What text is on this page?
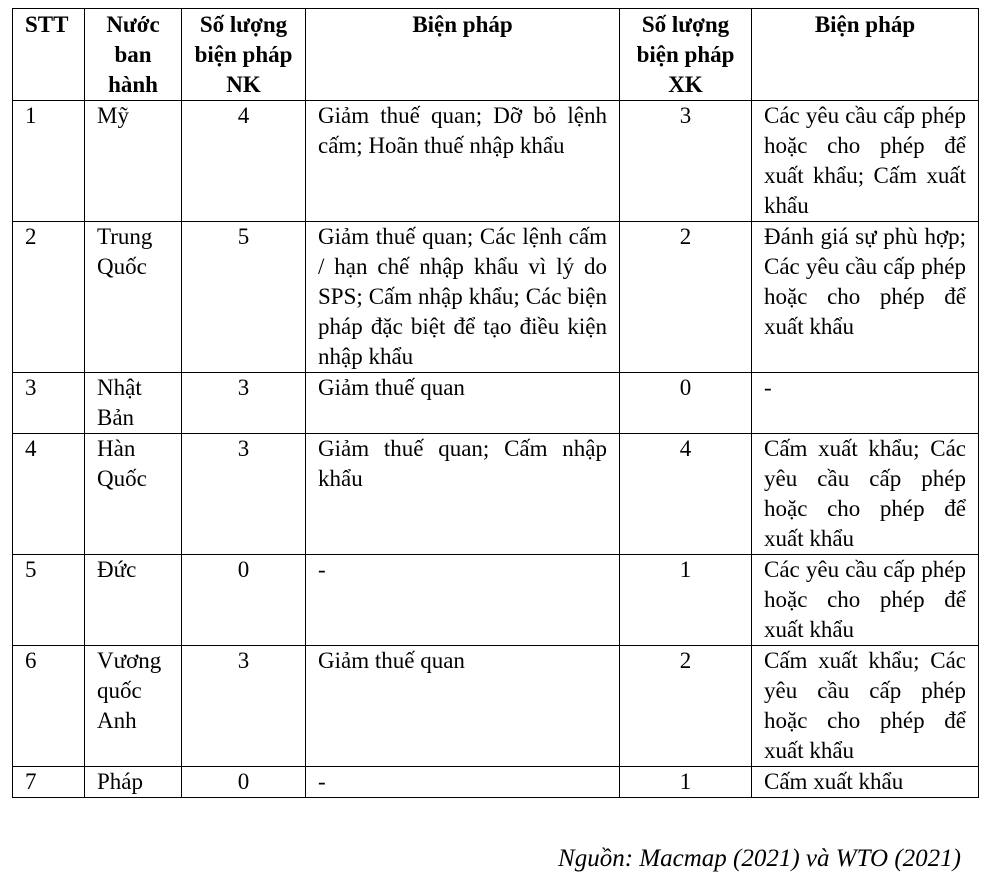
STT	Nước ban hành	Số lượng biện pháp NK	Biện pháp	Số lượng biện pháp XK	Biện pháp
1	Mỹ	4	Giảm thuế quan; Dỡ bỏ lệnh cấm; Hoãn thuế nhập khẩu	3	Các yêu cầu cấp phép hoặc cho phép để xuất khẩu; Cấm xuất khẩu
2	Trung Quốc	5	Giảm thuế quan; Các lệnh cấm / hạn chế nhập khẩu vì lý do SPS; Cấm nhập khẩu; Các biện pháp đặc biệt để tạo điều kiện nhập khẩu	2	Đánh giá sự phù hợp; Các yêu cầu cấp phép hoặc cho phép để xuất khẩu
3	Nhật Bản	3	Giảm thuế quan	0	-
4	Hàn Quốc	3	Giảm thuế quan; Cấm nhập khẩu	4	Cấm xuất khẩu; Các yêu cầu cấp phép hoặc cho phép để xuất khẩu
5	Đức	0	-	1	Các yêu cầu cấp phép hoặc cho phép để xuất khẩu
6	Vương quốc Anh	3	Giảm thuế quan	2	Cấm xuất khẩu; Các yêu cầu cấp phép hoặc cho phép để xuất khẩu
7	Pháp	0	-	1	Cấm xuất khẩu
Nguồn: Macmap (2021) và WTO (2021)
